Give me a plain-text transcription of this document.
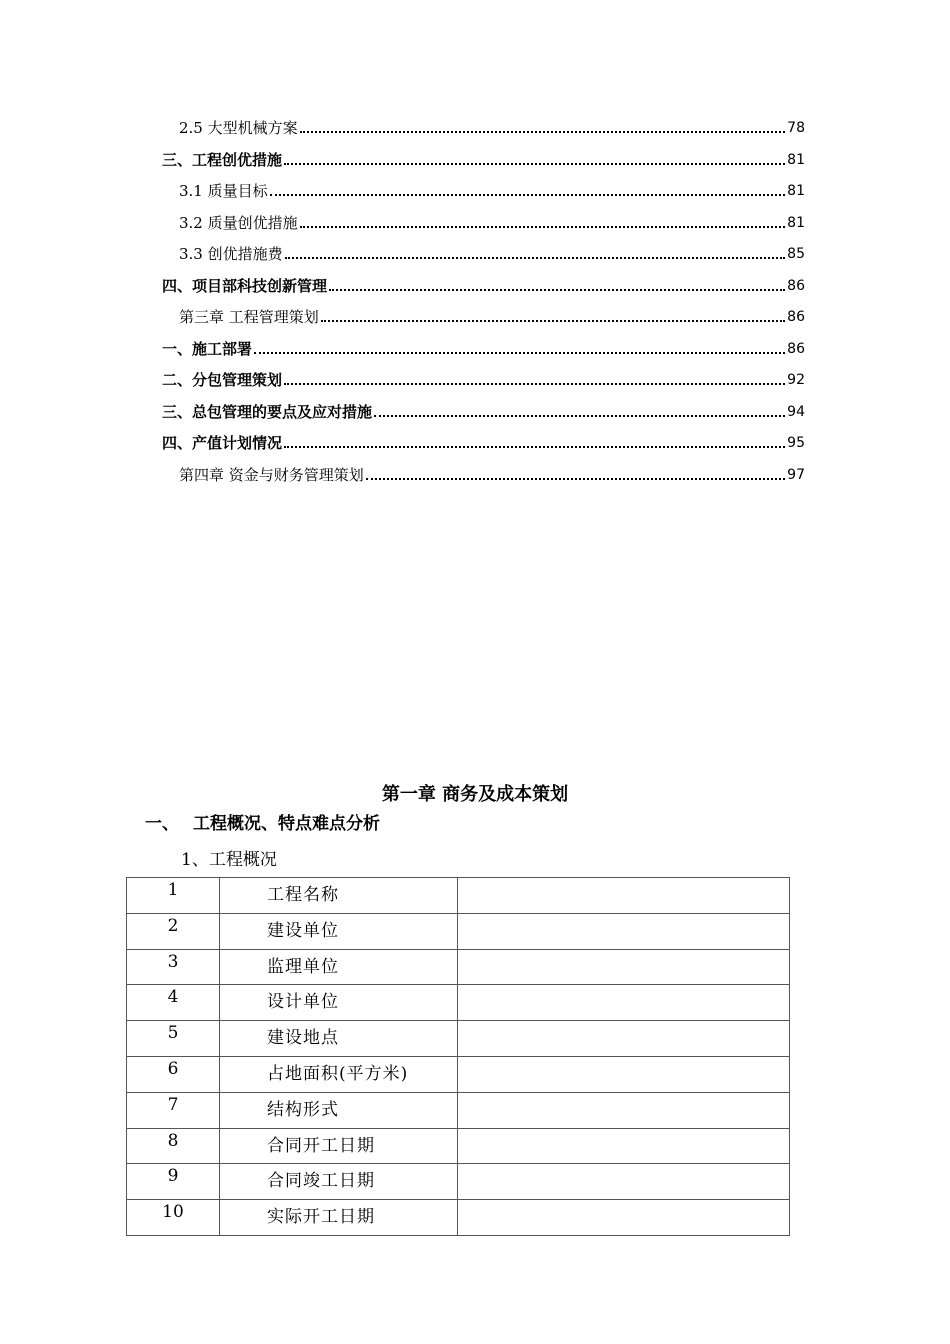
2.5 大型机械方案	78
三、工程创优措施	81
3.1 质量目标	81
3.2 质量创优措施	81
3.3 创优措施费	85
四、项目部科技创新管理	86
第三章 工程管理策划	86
一、施工部署	86
二、分包管理策划	92
三、总包管理的要点及应对措施	94
四、产值计划情况	95
第四章 资金与财务管理策划	97
第一章 商务及成本策划
一、 工程概况、特点难点分析
1、工程概况
1	工程名称	
2	建设单位	
3	监理单位	
4	设计单位	
5	建设地点	
6	占地面积(平方米)	
7	结构形式	
8	合同开工日期	
9	合同竣工日期	
10	实际开工日期	
